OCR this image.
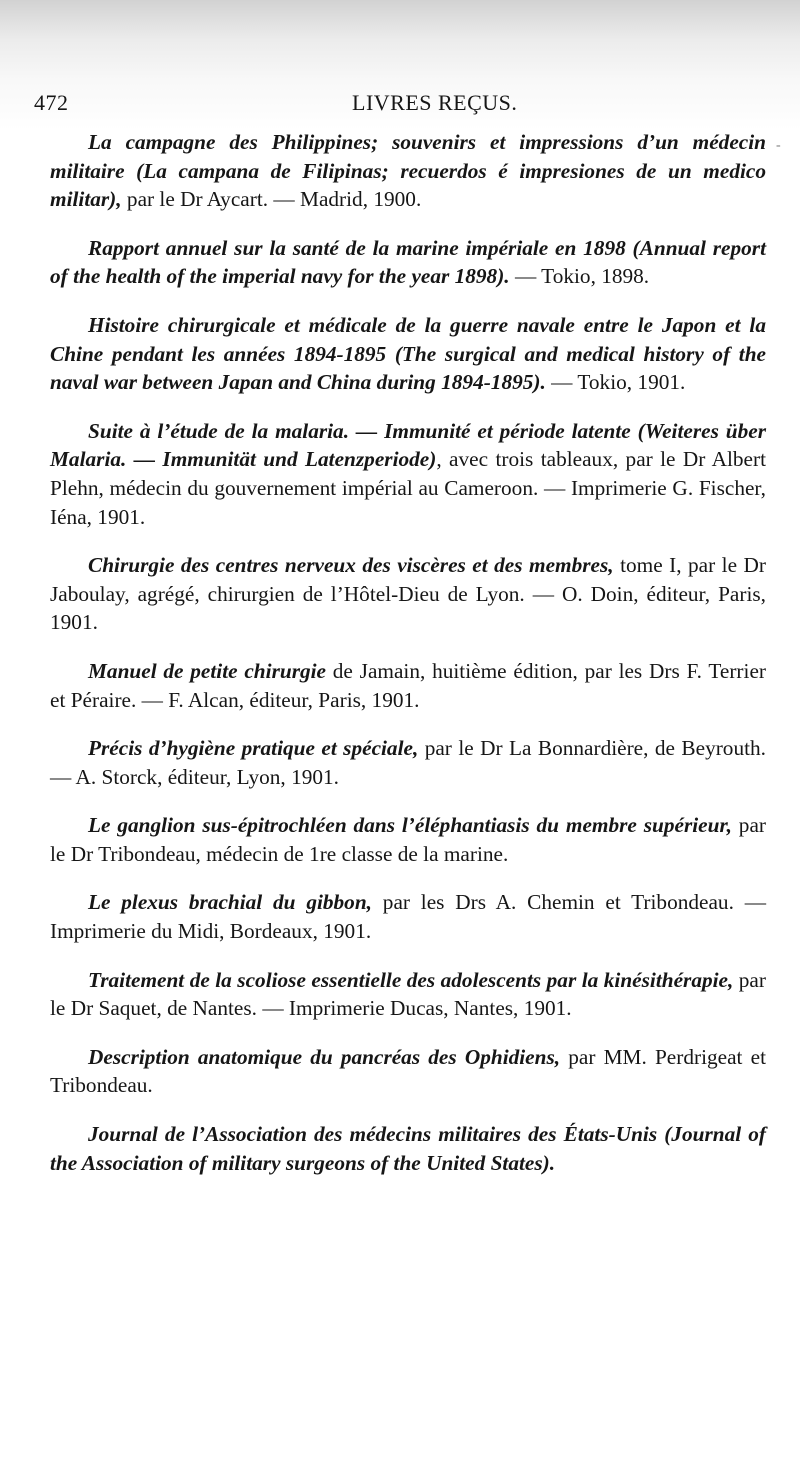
472	LIVRES REÇUS.
-

La campagne des Philippines; souvenirs et impressions d’un médecin militaire (La campana de Filipinas; recuerdos é impresiones de un medico militar), par le Dr Aycart. — Madrid, 1900.

Rapport annuel sur la santé de la marine impériale en 1898 (Annual report of the health of the imperial navy for the year 1898). — Tokio, 1898.

Histoire chirurgicale et médicale de la guerre navale entre le Japon et la Chine pendant les années 1894-1895 (The surgical and medical history of the naval war between Japan and China during 1894-1895). — Tokio, 1901.

Suite à l’étude de la malaria. — Immunité et période latente (Weiteres über Malaria. — Immunität und Latenzperiode), avec trois tableaux, par le Dr Albert Plehn, médecin du gouvernement impérial au Cameroon. — Imprimerie G. Fischer, Iéna, 1901.

Chirurgie des centres nerveux des viscères et des membres, tome I, par le Dr Jaboulay, agrégé, chirurgien de l’Hôtel-Dieu de Lyon. — O. Doin, éditeur, Paris, 1901.

Manuel de petite chirurgie de Jamain, huitième édition, par les Drs F. Terrier et Péraire. — F. Alcan, éditeur, Paris, 1901.

Précis d’hygiène pratique et spéciale, par le Dr La Bonnardière, de Beyrouth. — A. Storck, éditeur, Lyon, 1901.

Le ganglion sus-épitrochléen dans l’éléphantiasis du membre supérieur, par le Dr Tribondeau, médecin de 1re classe de la marine.

Le plexus brachial du gibbon, par les Drs A. Chemin et Tribondeau. — Imprimerie du Midi, Bordeaux, 1901.

Traitement de la scoliose essentielle des adolescents par la kinésithérapie, par le Dr Saquet, de Nantes. — Imprimerie Ducas, Nantes, 1901.

Description anatomique du pancréas des Ophidiens, par MM. Perdrigeat et Tribondeau.

Journal de l’Association des médecins militaires des États-Unis (Journal of the Association of military surgeons of the United States).
